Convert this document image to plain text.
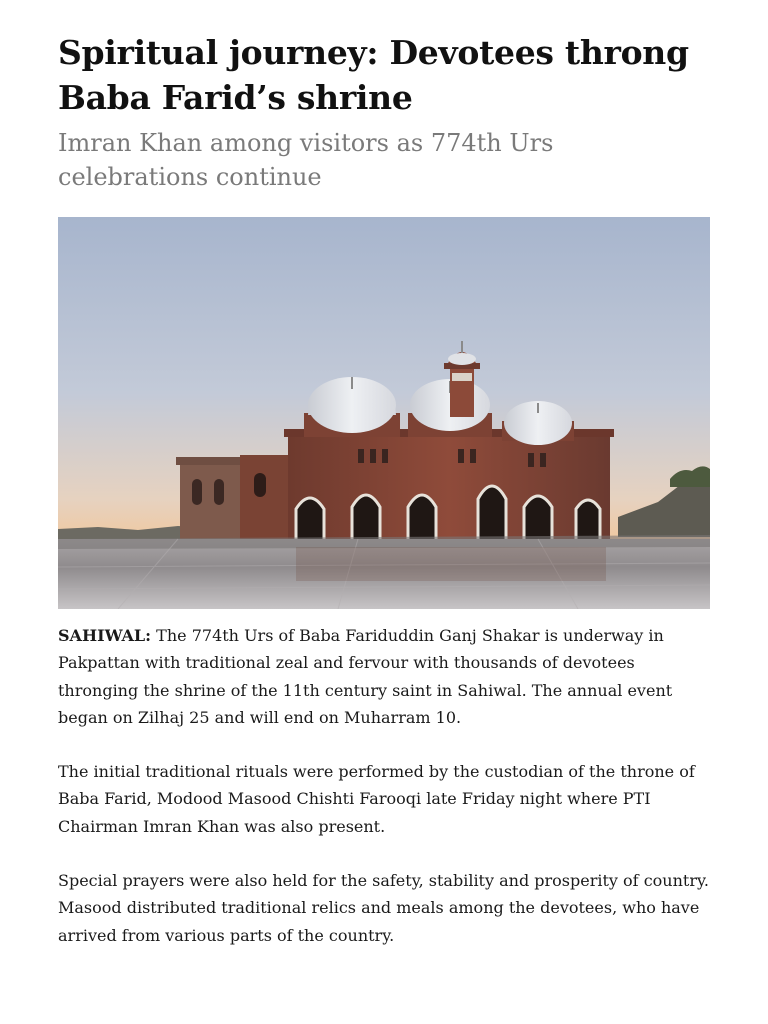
Spiritual journey: Devotees throng Baba Farid’s shrine
Imran Khan among visitors as 774th Urs celebrations continue

SAHIWAL: The 774th Urs of Baba Fariduddin Ganj Shakar is underway in Pakpattan with traditional zeal and fervour with thousands of devotees thronging the shrine of the 11th century saint in Sahiwal. The annual event began on Zilhaj 25 and will end on Muharram 10.

The initial traditional rituals were performed by the custodian of the throne of Baba Farid, Modood Masood Chishti Farooqi late Friday night where PTI Chairman Imran Khan was also present.

Special prayers were also held for the safety, stability and prosperity of country. Masood distributed traditional relics and meals among the devotees, who have arrived from various parts of the country.
